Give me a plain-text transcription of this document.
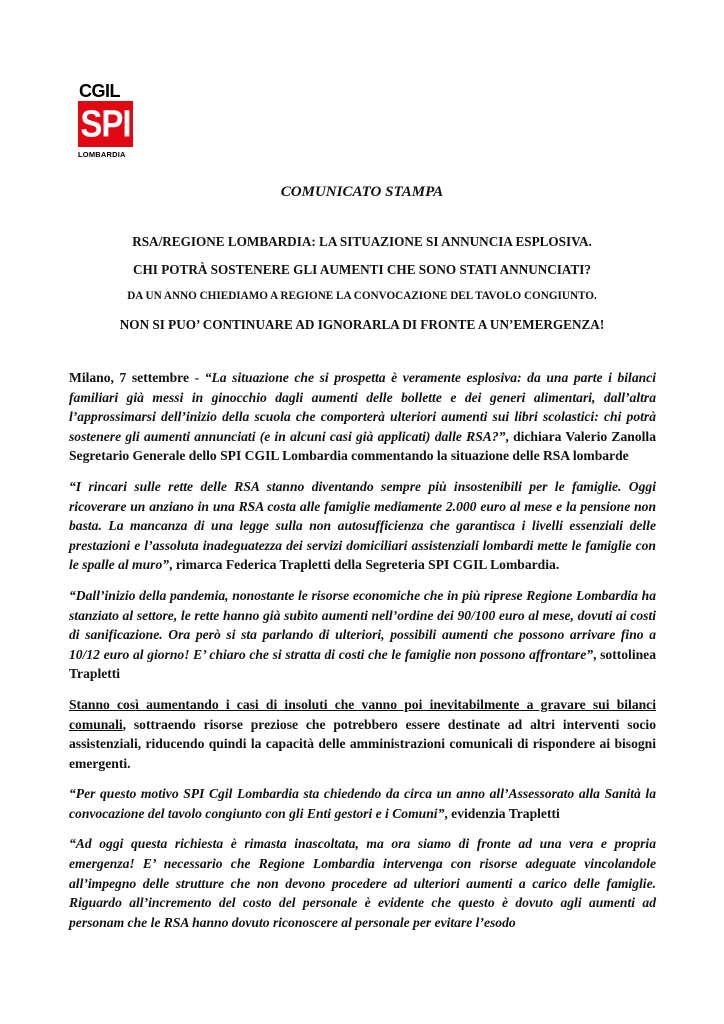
CGIL
SPI
LOMBARDIA
COMUNICATO STAMPA
RSA/REGIONE LOMBARDIA: LA SITUAZIONE SI ANNUNCIA ESPLOSIVA.
CHI POTRÀ SOSTENERE GLI AUMENTI CHE SONO STATI ANNUNCIATI?
DA UN ANNO CHIEDIAMO A REGIONE LA CONVOCAZIONE DEL TAVOLO CONGIUNTO.
NON SI PUO’ CONTINUARE AD IGNORARLA DI FRONTE A UN’EMERGENZA!

Milano, 7 settembre - “La situazione che si prospetta è veramente esplosiva: da una parte i bilanci familiari già messi in ginocchio dagli aumenti delle bollette e dei generi alimentari, dall’altra l’approssimarsi dell’inizio della scuola che comporterà ulteriori aumenti sui libri scolastici: chi potrà sostenere gli aumenti annunciati (e in alcuni casi già applicati) dalle RSA?”, dichiara Valerio Zanolla Segretario Generale dello SPI CGIL Lombardia commentando la situazione delle RSA lombarde

“I rincari sulle rette delle RSA stanno diventando sempre più insostenibili per le famiglie. Oggi ricoverare un anziano in una RSA costa alle famiglie mediamente 2.000 euro al mese e la pensione non basta. La mancanza di una legge sulla non autosufficienza che garantisca i livelli essenziali delle prestazioni e l’assoluta inadeguatezza dei servizi domiciliari assistenziali lombardi mette le famiglie con le spalle al muro”, rimarca Federica Trapletti della Segreteria SPI CGIL Lombardia.

“Dall’inizio della pandemia, nonostante le risorse economiche che in più riprese Regione Lombardia ha stanziato al settore, le rette hanno già subìto aumenti nell’ordine dei 90/100 euro al mese, dovuti ai costi di sanificazione. Ora però si sta parlando di ulteriori, possibili aumenti che possono arrivare fino a 10/12 euro al giorno! E’ chiaro che si stratta di costi che le famiglie non possono affrontare”, sottolinea Trapletti

Stanno così aumentando i casi di insoluti che vanno poi inevitabilmente a gravare sui bilanci comunali, sottraendo risorse preziose che potrebbero essere destinate ad altri interventi socio assistenziali, riducendo quindi la capacità delle amministrazioni comunicali di rispondere ai bisogni emergenti.

“Per questo motivo SPI Cgil Lombardia sta chiedendo da circa un anno all’Assessorato alla Sanità la convocazione del tavolo congiunto con gli Enti gestori e i Comuni”, evidenzia Trapletti

“Ad oggi questa richiesta è rimasta inascoltata, ma ora siamo di fronte ad una vera e propria emergenza! E’ necessario che Regione Lombardia intervenga con risorse adeguate vincolandole all’impegno delle strutture che non devono procedere ad ulteriori aumenti a carico delle famiglie. Riguardo all’incremento del costo del personale è evidente che questo è dovuto agli aumenti ad personam che le RSA hanno dovuto riconoscere al personale per evitare l’esodo
